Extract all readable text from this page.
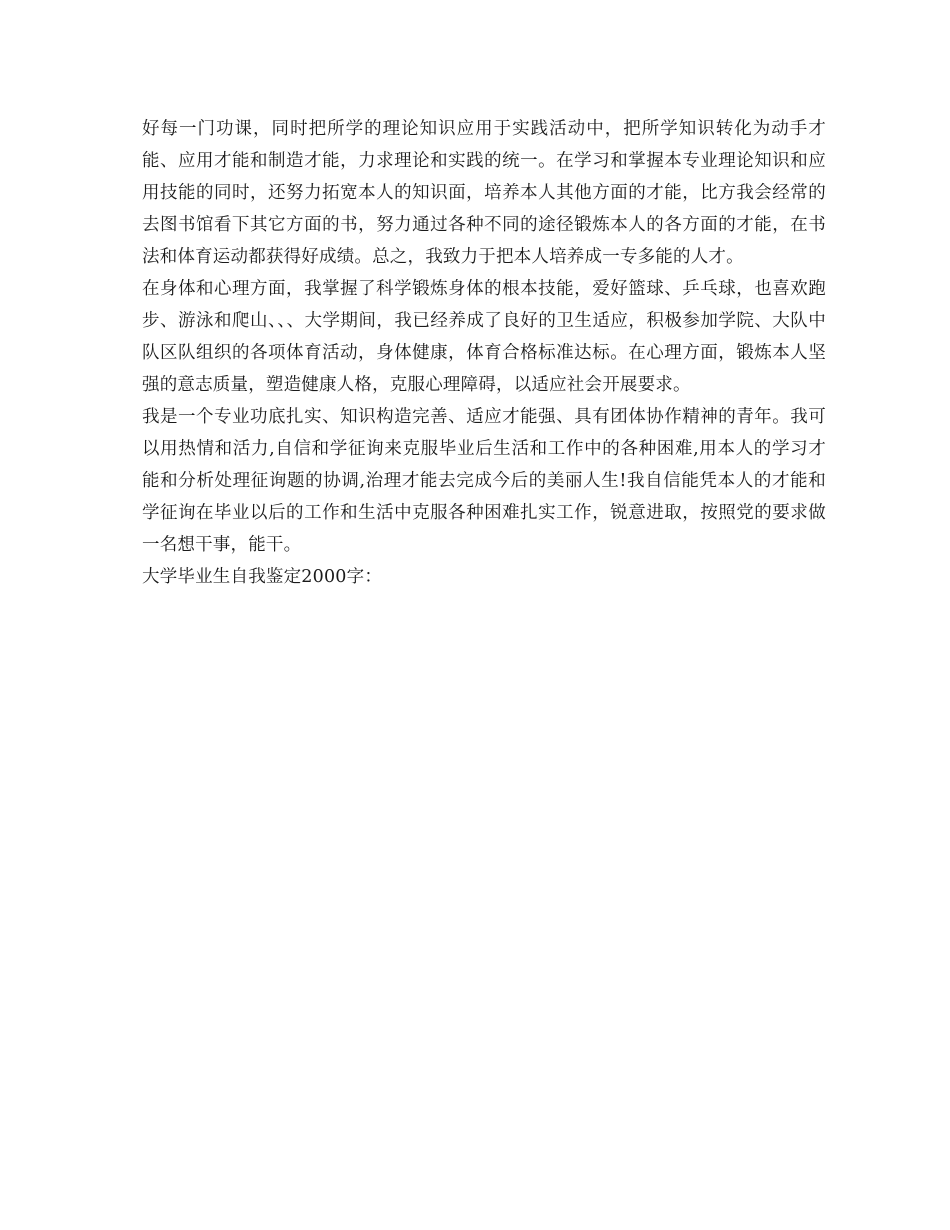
好每一门功课，同时把所学的理论知识应用于实践活动中，把所学知识转化为动手才能、应用才能和制造才能，力求理论和实践的统一。在学习和掌握本专业理论知识和应用技能的同时，还努力拓宽本人的知识面，培养本人其他方面的才能，比方我会经常的去图书馆看下其它方面的书，努力通过各种不同的途径锻炼本人的各方面的才能，在书法和体育运动都获得好成绩。总之，我致力于把本人培养成一专多能的人才。

在身体和心理方面，我掌握了科学锻炼身体的根本技能，爱好篮球、乒乓球，也喜欢跑步、游泳和爬山、、、大学期间，我已经养成了良好的卫生适应，积极参加学院、大队中队区队组织的各项体育活动，身体健康，体育合格标准达标。在心理方面，锻炼本人坚强的意志质量，塑造健康人格，克服心理障碍，以适应社会开展要求。

我是一个专业功底扎实、知识构造完善、适应才能强、具有团体协作精神的青年。我可以用热情和活力,自信和学征询来克服毕业后生活和工作中的各种困难,用本人的学习才能和分析处理征询题的协调,治理才能去完成今后的美丽人生!我自信能凭本人的才能和学征询在毕业以后的工作和生活中克服各种困难扎实工作，锐意进取，按照党的要求做一名想干事，能干。

大学毕业生自我鉴定2000字：
